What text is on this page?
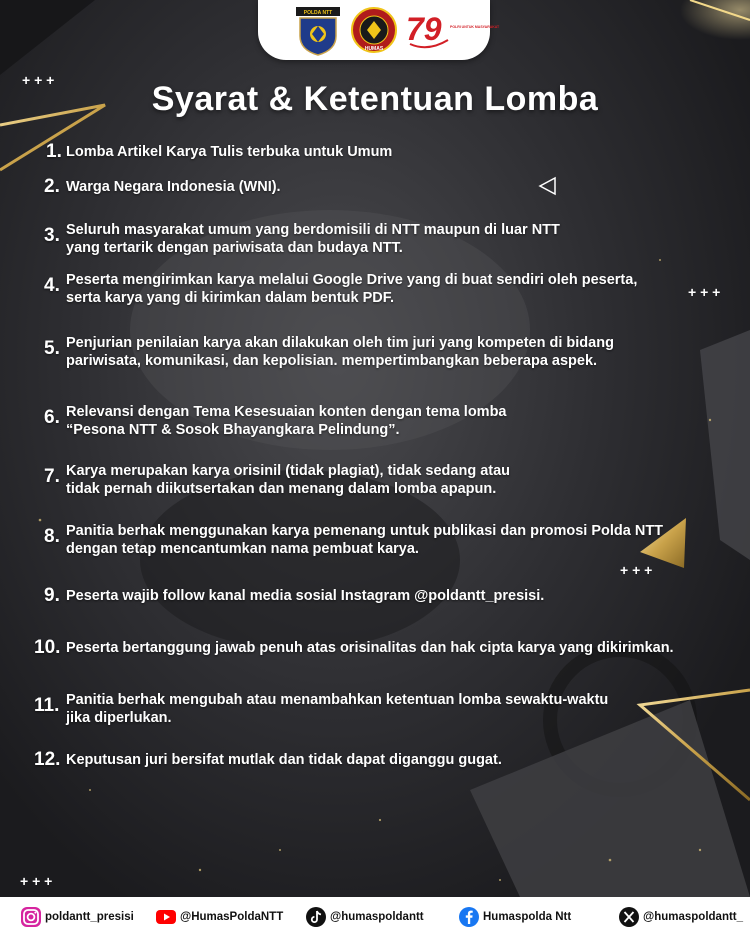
+ + +
+ + +
+ + +
+ + +
POLDA NTT
HUMAS
79 POLRI UNTUK MASYARAKAT
Syarat & Ketentuan Lomba
1. Lomba Artikel Karya Tulis terbuka untuk Umum
2. Warga Negara Indonesia (WNI).
3. Seluruh masyarakat umum yang berdomisili di NTT maupun di luar NTT
yang tertarik dengan pariwisata dan budaya NTT.
4. Peserta mengirimkan karya melalui Google Drive yang di buat sendiri oleh peserta,
serta karya yang di kirimkan dalam bentuk PDF.
5. Penjurian penilaian karya akan dilakukan oleh tim juri yang kompeten di bidang
pariwisata, komunikasi, dan kepolisian. mempertimbangkan beberapa aspek.
6. Relevansi dengan Tema Kesesuaian konten dengan tema lomba
“Pesona NTT & Sosok Bhayangkara Pelindung”.
7. Karya merupakan karya orisinil (tidak plagiat), tidak sedang atau
tidak pernah diikutsertakan dan menang dalam lomba apapun.
8. Panitia berhak menggunakan karya pemenang untuk publikasi dan promosi Polda NTT
dengan tetap mencantumkan nama pembuat karya.
9. Peserta wajib follow kanal media sosial Instagram @poldantt_presisi.
10. Peserta bertanggung jawab penuh atas orisinalitas dan hak cipta karya yang dikirimkan.
11. Panitia berhak mengubah atau menambahkan ketentuan lomba sewaktu-waktu
jika diperlukan.
12. Keputusan juri bersifat mutlak dan tidak dapat diganggu gugat.
poldantt_presisi	@HumasPoldaNTT	@humaspoldantt	Humaspolda Ntt	@humaspoldantt_
